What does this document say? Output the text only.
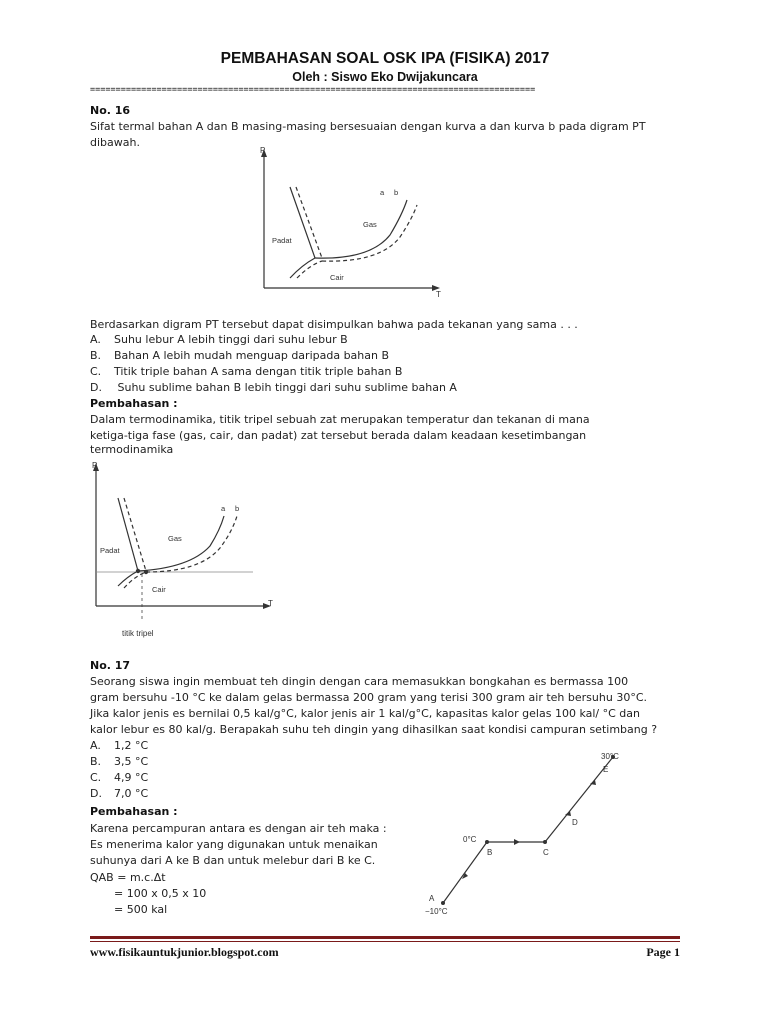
PEMBAHASAN SOAL OSK IPA (FISIKA) 2017
Oleh : Siswo Eko Dwijakuncara
=======================================================================================
No. 16
Sifat termal bahan A dan B masing-masing bersesuaian dengan kurva a dan kurva b pada digram PT
dibawah.
P
T
Gas
a
Padat
Cair
b
Berdasarkan digram PT tersebut dapat disimpulkan bahwa pada tekanan yang sama . . .
A. Suhu lebur A lebih tinggi dari suhu lebur B
B. Bahan A lebih mudah menguap daripada bahan B
C. Titik triple bahan A sama dengan titik triple bahan B
D. Suhu sublime bahan B lebih tinggi dari suhu sublime bahan A
Pembahasan :
Dalam termodinamika, titik tripel sebuah zat merupakan temperatur dan tekanan di mana
ketiga-tiga fase (gas, cair, dan padat) zat tersebut berada dalam keadaan kesetimbangan
termodinamika
P
T
Gas
Padat
Cair
a b
titik tripel
No. 17
Seorang siswa ingin membuat teh dingin dengan cara memasukkan bongkahan es bermassa 100
gram bersuhu -10 °C ke dalam gelas bermassa 200 gram yang terisi 300 gram air teh bersuhu 30°C.
Jika kalor jenis es bernilai 0,5 kal/g°C, kalor jenis air 1 kal/g°C, kapasitas kalor gelas 100 kal/ °C dan
kalor lebur es 80 kal/g. Berapakah suhu teh dingin yang dihasilkan saat kondisi campuran setimbang ?
A. 1,2 °C
B. 3,5 °C
C. 4,9 °C
D. 7,0 °C
Pembahasan :
Karena percampuran antara es dengan air teh maka :
Es menerima kalor yang digunakan untuk menaikan
suhunya dari A ke B dan untuk melebur dari B ke C.
QAB = m.c.Δt
= 100 x 0,5 x 10
= 500 kal
30°C
E
D
0°C
B	C
A
−10°C
www.fisikauntukjunior.blogspot.com	Page 1
